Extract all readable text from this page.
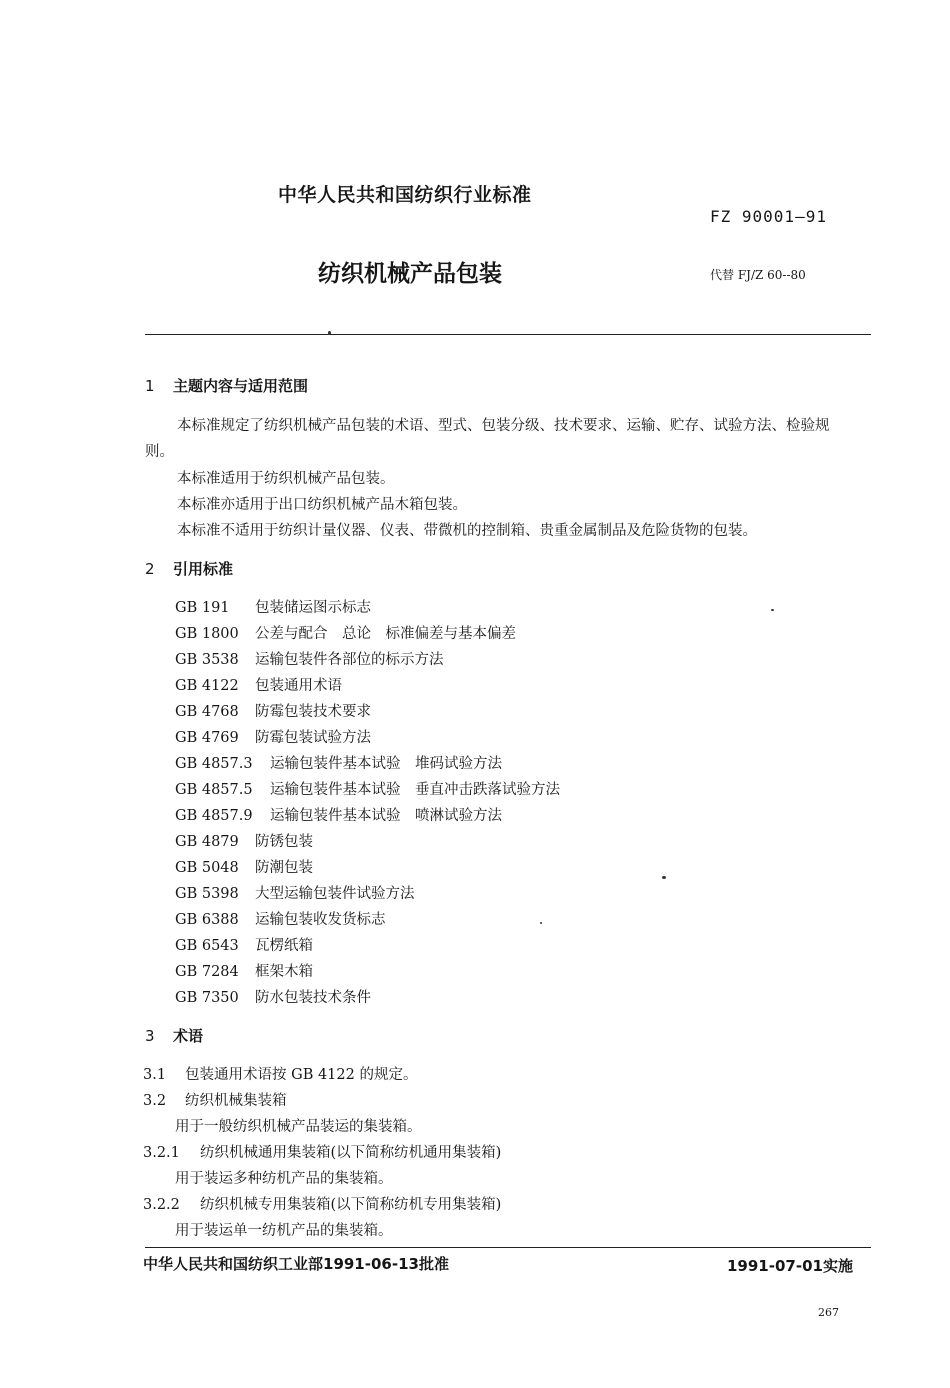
中华人民共和国纺织行业标准
FZ 90001—91
纺织机械产品包装	代替 FJ/Z 60--80
1 主题内容与适用范围
本标准规定了纺织机械产品包装的术语、型式、包装分级、技术要求、运输、贮存、试验方法、检验规
则。
本标准适用于纺织机械产品包装。
本标准亦适用于出口纺织机械产品木箱包装。
本标准不适用于纺织计量仪器、仪表、带微机的控制箱、贵重金属制品及危险货物的包装。
2 引用标准
GB 191 包装储运图示标志
GB 1800 公差与配合　总论　标准偏差与基本偏差
GB 3538 运输包装件各部位的标示方法
GB 4122 包装通用术语
GB 4768 防霉包装技术要求
GB 4769 防霉包装试验方法
GB 4857.3 运输包装件基本试验　堆码试验方法
GB 4857.5 运输包装件基本试验　垂直冲击跌落试验方法
GB 4857.9 运输包装件基本试验　喷淋试验方法
GB 4879 防锈包装
GB 5048 防潮包装
GB 5398 大型运输包装件试验方法
GB 6388 运输包装收发货标志
GB 6543 瓦楞纸箱
GB 7284 框架木箱
GB 7350 防水包装技术条件
3 术语
3.1 包装通用术语按 GB 4122 的规定。
3.2 纺织机械集装箱
用于一般纺织机械产品装运的集装箱。
3.2.1 纺织机械通用集装箱(以下简称纺机通用集装箱)
用于装运多种纺机产品的集装箱。
3.2.2 纺织机械专用集装箱(以下简称纺机专用集装箱)
用于装运单一纺机产品的集装箱。
中华人民共和国纺织工业部1991-06-13批准	1991-07-01实施
267
